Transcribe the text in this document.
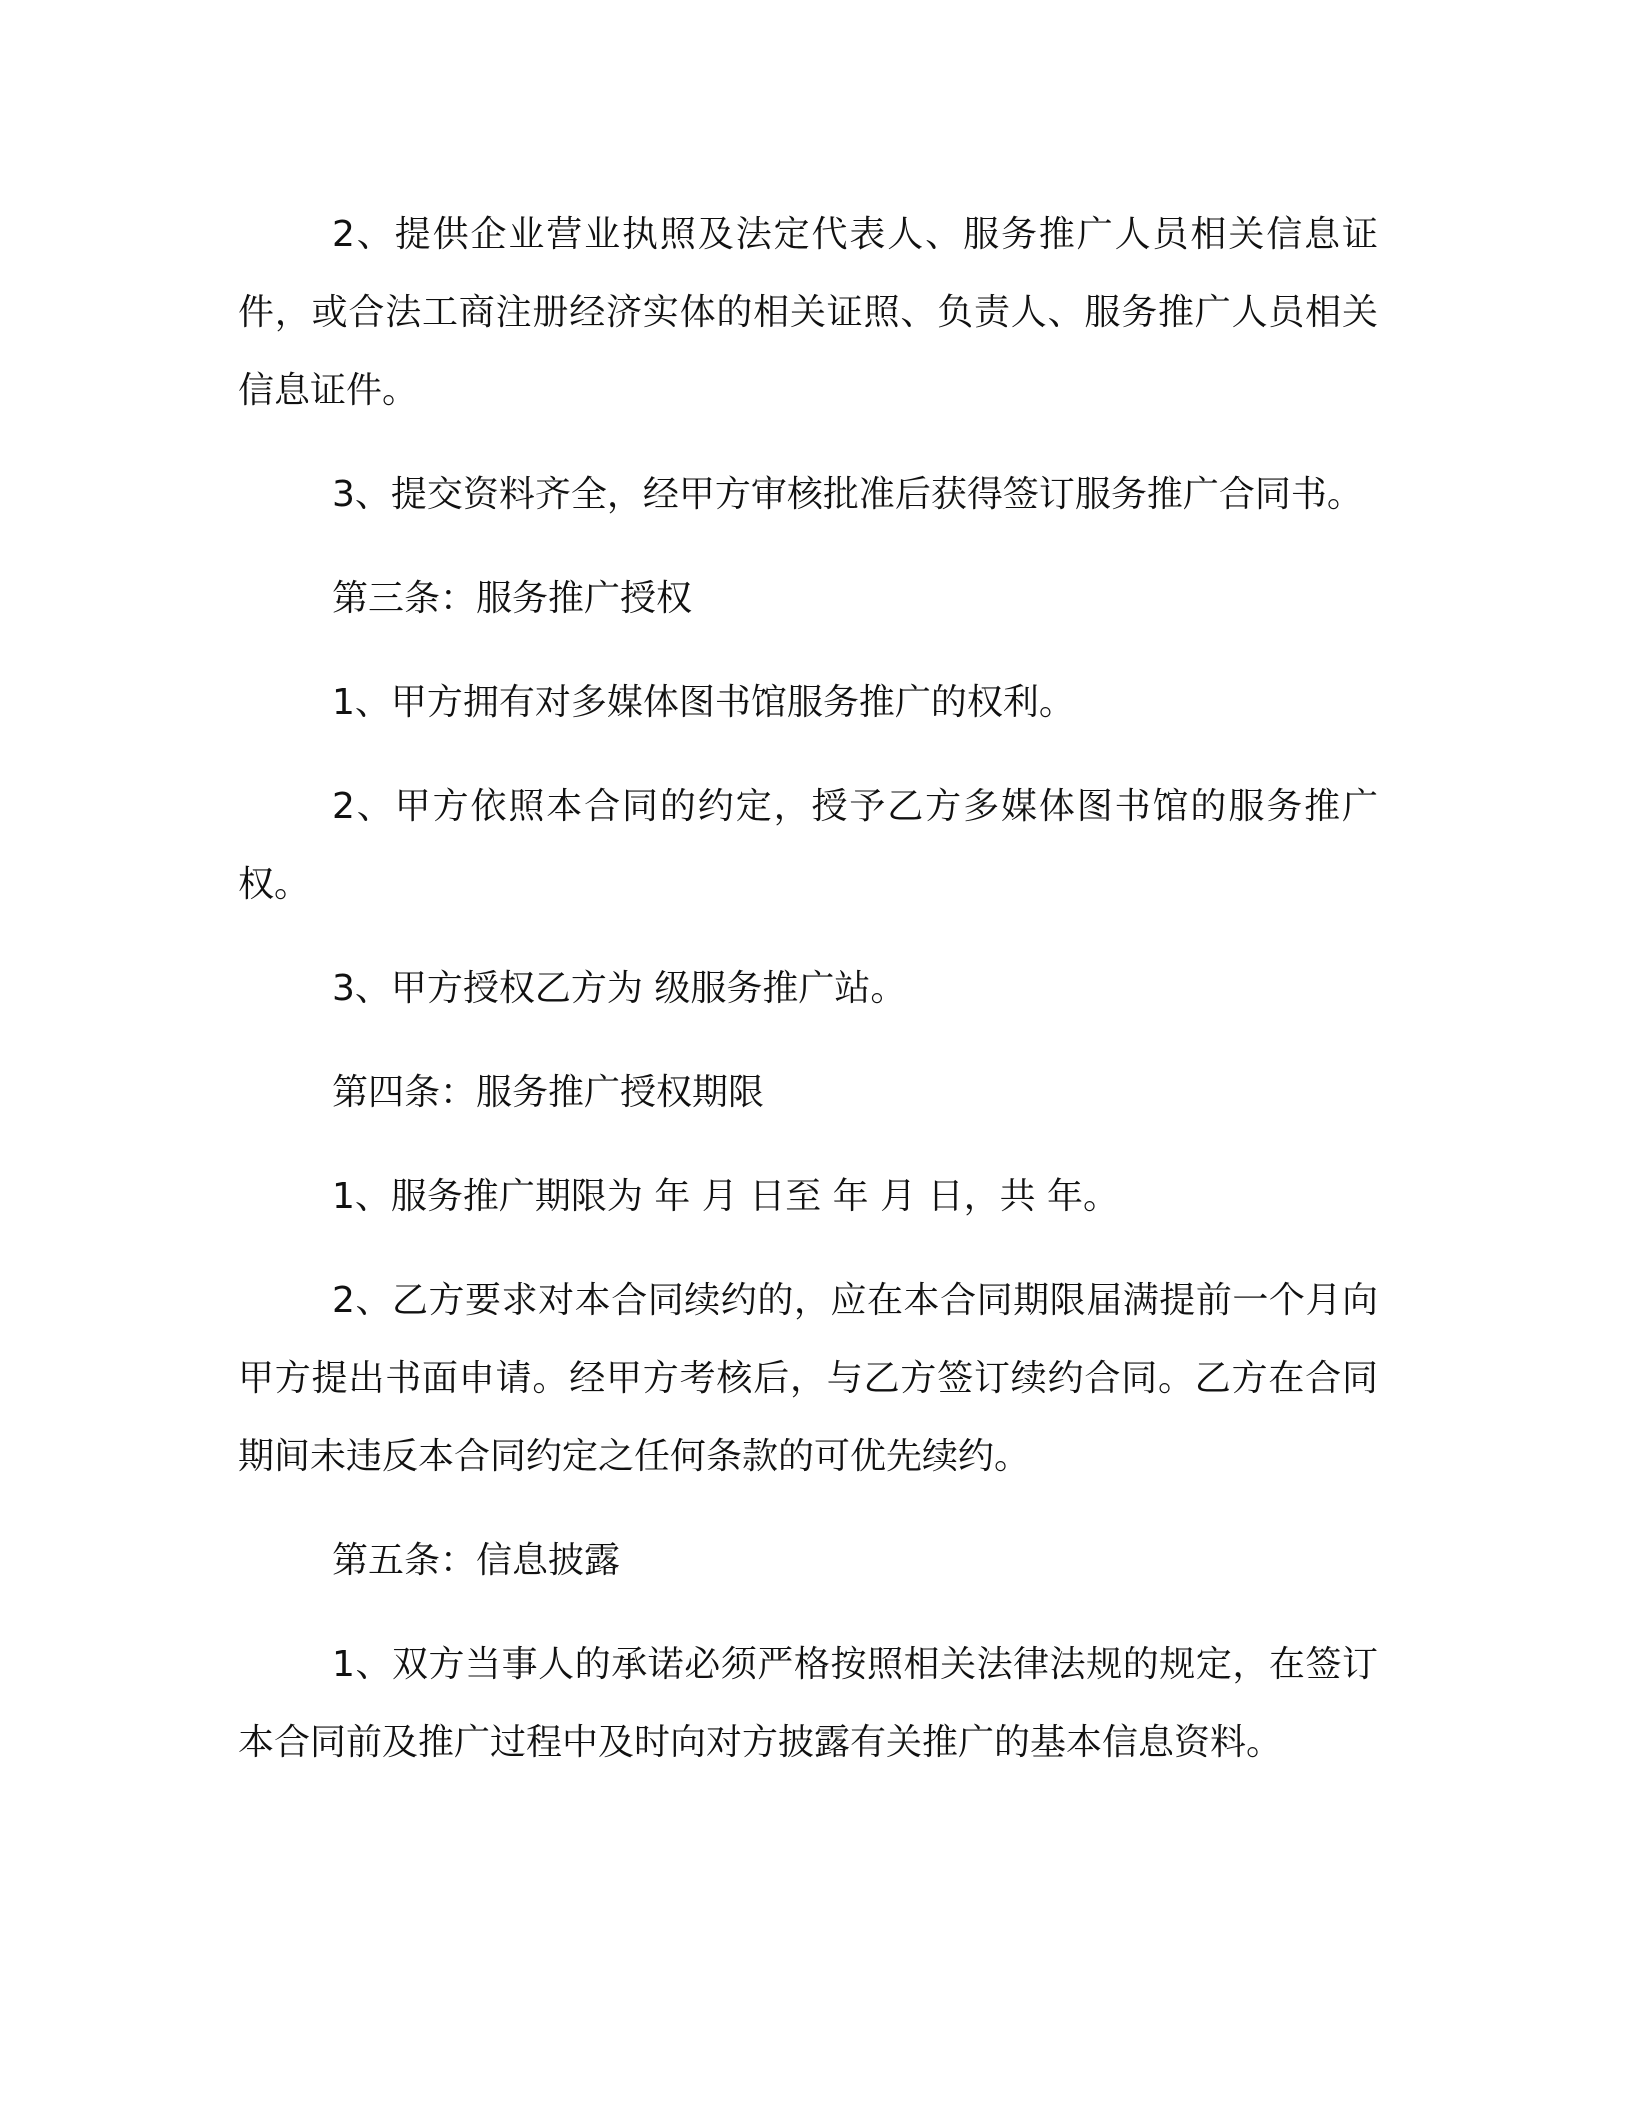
2、提供企业营业执照及法定代表人、服务推广人员相关信息证件，或合法工商注册经济实体的相关证照、负责人、服务推广人员相关信息证件。

3、提交资料齐全，经甲方审核批准后获得签订服务推广合同书。

第三条：服务推广授权

1、甲方拥有对多媒体图书馆服务推广的权利。

2、甲方依照本合同的约定，授予乙方多媒体图书馆的服务推广权。

3、甲方授权乙方为 级服务推广站。

第四条：服务推广授权期限

1、服务推广期限为 年 月 日至 年 月 日，共 年。

2、乙方要求对本合同续约的，应在本合同期限届满提前一个月向甲方提出书面申请。经甲方考核后，与乙方签订续约合同。乙方在合同期间未违反本合同约定之任何条款的可优先续约。

第五条：信息披露

1、双方当事人的承诺必须严格按照相关法律法规的规定，在签订本合同前及推广过程中及时向对方披露有关推广的基本信息资料。
